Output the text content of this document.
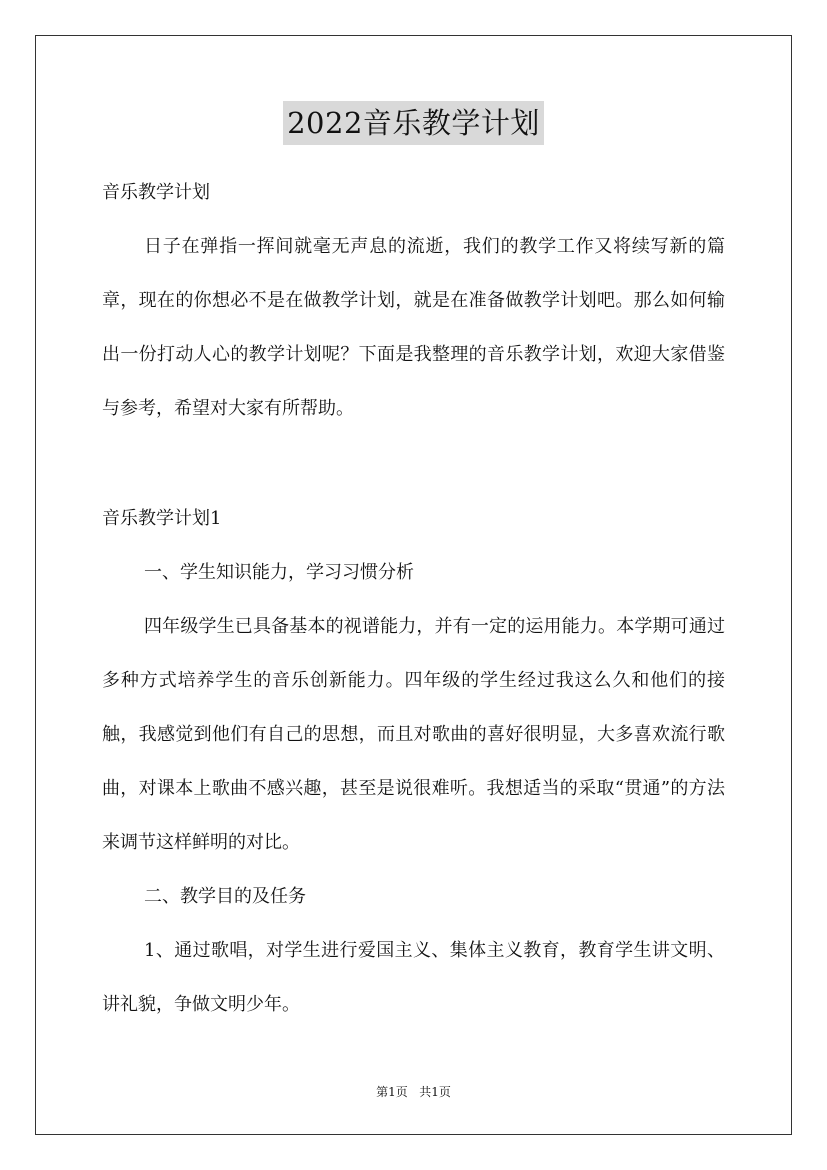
2022音乐教学计划

音乐教学计划

日子在弹指一挥间就毫无声息的流逝，我们的教学工作又将续写新的篇章，现在的你想必不是在做教学计划，就是在准备做教学计划吧。那么如何输出一份打动人心的教学计划呢？下面是我整理的音乐教学计划，欢迎大家借鉴与参考，希望对大家有所帮助。

音乐教学计划1

一、学生知识能力，学习习惯分析

四年级学生已具备基本的视谱能力，并有一定的运用能力。本学期可通过多种方式培养学生的音乐创新能力。四年级的学生经过我这么久和他们的接触，我感觉到他们有自己的思想，而且对歌曲的喜好很明显，大多喜欢流行歌曲，对课本上歌曲不感兴趣，甚至是说很难听。我想适当的采取“贯通”的方法来调节这样鲜明的对比。

二、教学目的及任务

1、通过歌唱，对学生进行爱国主义、集体主义教育，教育学生讲文明、讲礼貌，争做文明少年。

第1页 共1页
